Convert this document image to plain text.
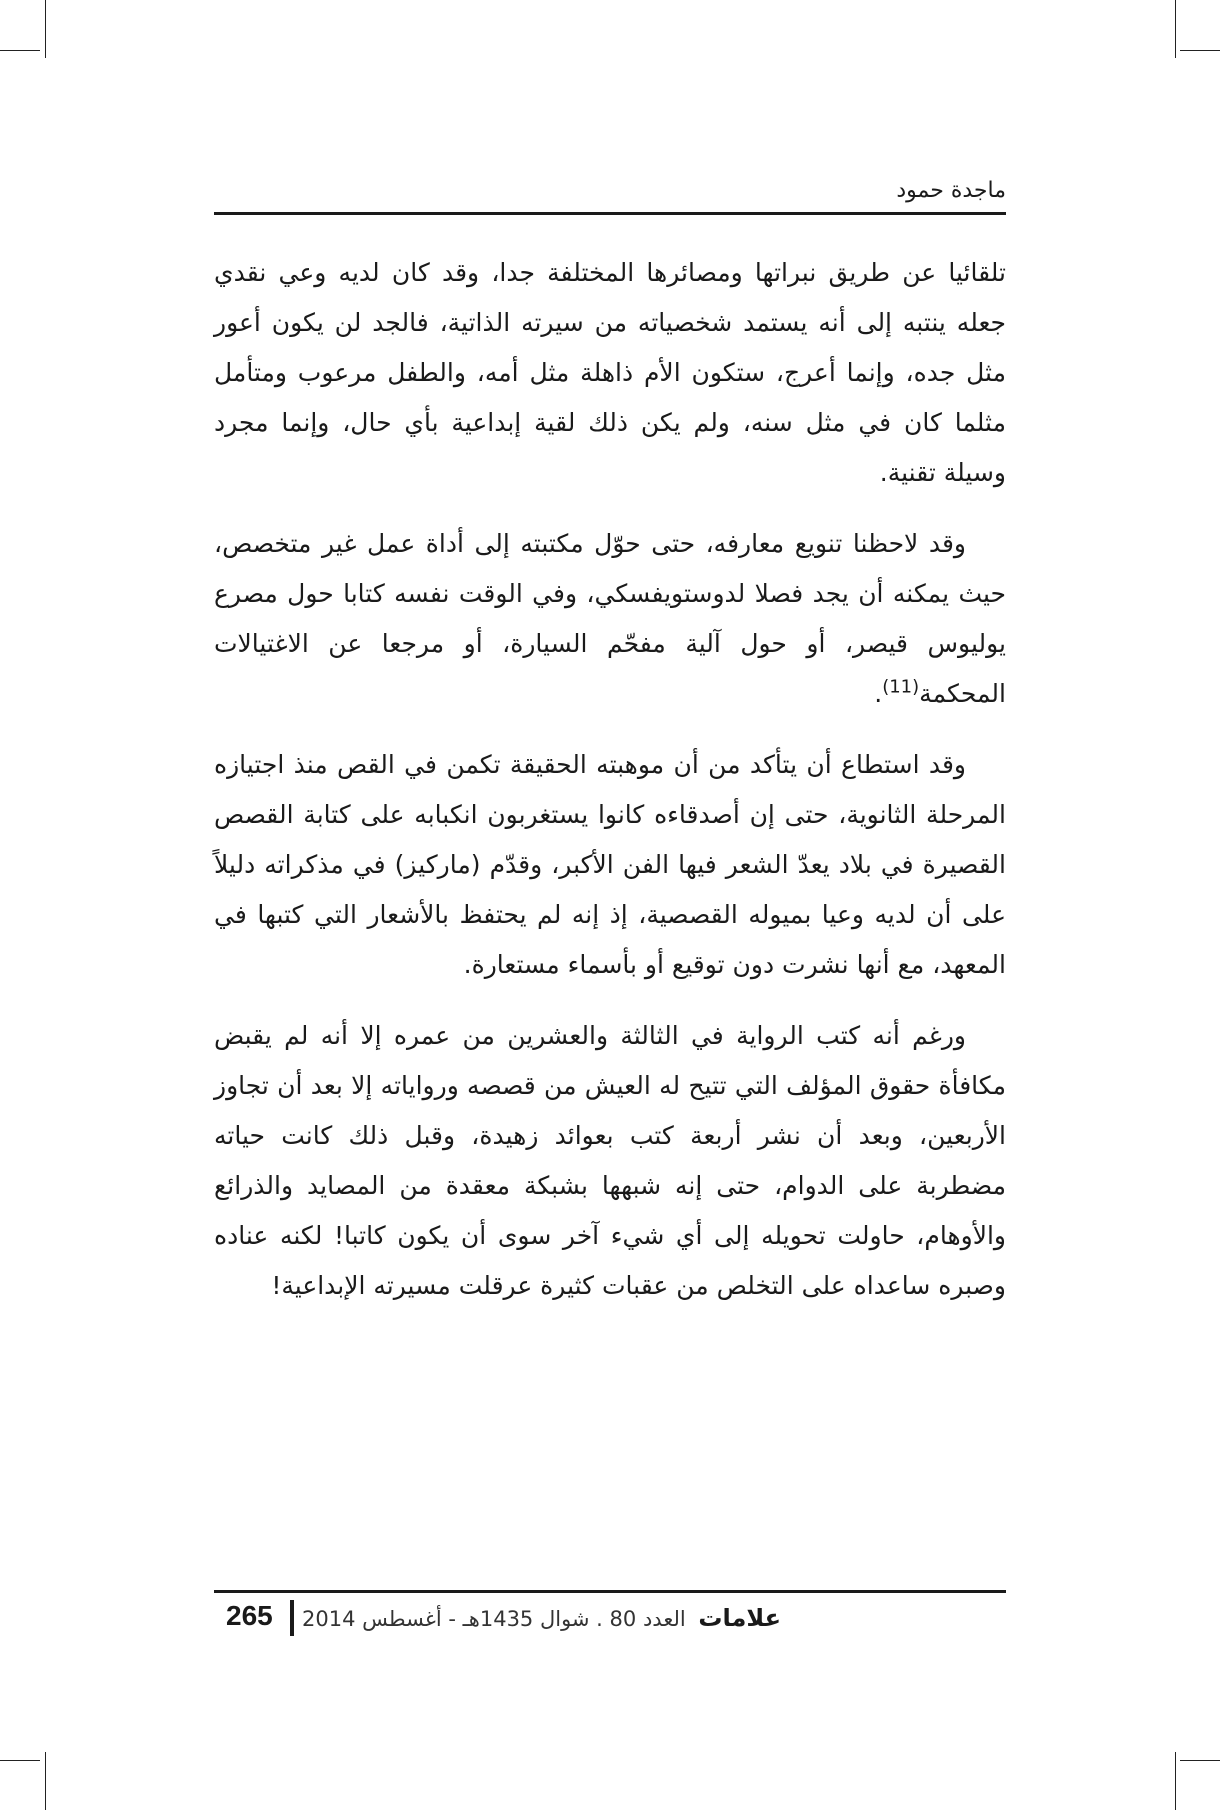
ماجدة حمود

تلقائيا عن طريق نبراتها ومصائرها المختلفة جدا، وقد كان لديه وعي نقدي جعله ينتبه إلى أنه يستمد شخصياته من سيرته الذاتية، فالجد لن يكون أعور مثل جده، وإنما أعرج، ستكون الأم ذاهلة مثل أمه، والطفل مرعوب ومتأمل مثلما كان في مثل سنه، ولم يكن ذلك لقية إبداعية بأي حال، وإنما مجرد وسيلة تقنية.

وقد لاحظنا تنويع معارفه، حتى حوّل مكتبته إلى أداة عمل غير متخصص، حيث يمكنه أن يجد فصلا لدوستويفسكي، وفي الوقت نفسه كتابا حول مصرع يوليوس قيصر، أو حول آلية مفحّم السيارة، أو مرجعا عن الاغتيالات المحكمة$^{(11)}$.

وقد استطاع أن يتأكد من أن موهبته الحقيقة تكمن في القص منذ اجتيازه المرحلة الثانوية، حتى إن أصدقاءه كانوا يستغربون انكبابه على كتابة القصص القصيرة في بلاد يعدّ الشعر فيها الفن الأكبر، وقدّم (ماركيز) في مذكراته دليلاً على أن لديه وعيا بميوله القصصية، إذ إنه لم يحتفظ بالأشعار التي كتبها في المعهد، مع أنها نشرت دون توقيع أو بأسماء مستعارة.

ورغم أنه كتب الرواية في الثالثة والعشرين من عمره إلا أنه لم يقبض مكافأة حقوق المؤلف التي تتيح له العيش من قصصه ورواياته إلا بعد أن تجاوز الأربعين، وبعد أن نشر أربعة كتب بعوائد زهيدة، وقبل ذلك كانت حياته مضطربة على الدوام، حتى إنه شبهها بشبكة معقدة من المصايد والذرائع والأوهام، حاولت تحويله إلى أي شيء آخر سوى أن يكون كاتبا! لكنه عناده وصبره ساعداه على التخلص من عقبات كثيرة عرقلت مسيرته الإبداعية!

265	علامات العدد 80 . شوال 1435هـ - أغسطس 2014
